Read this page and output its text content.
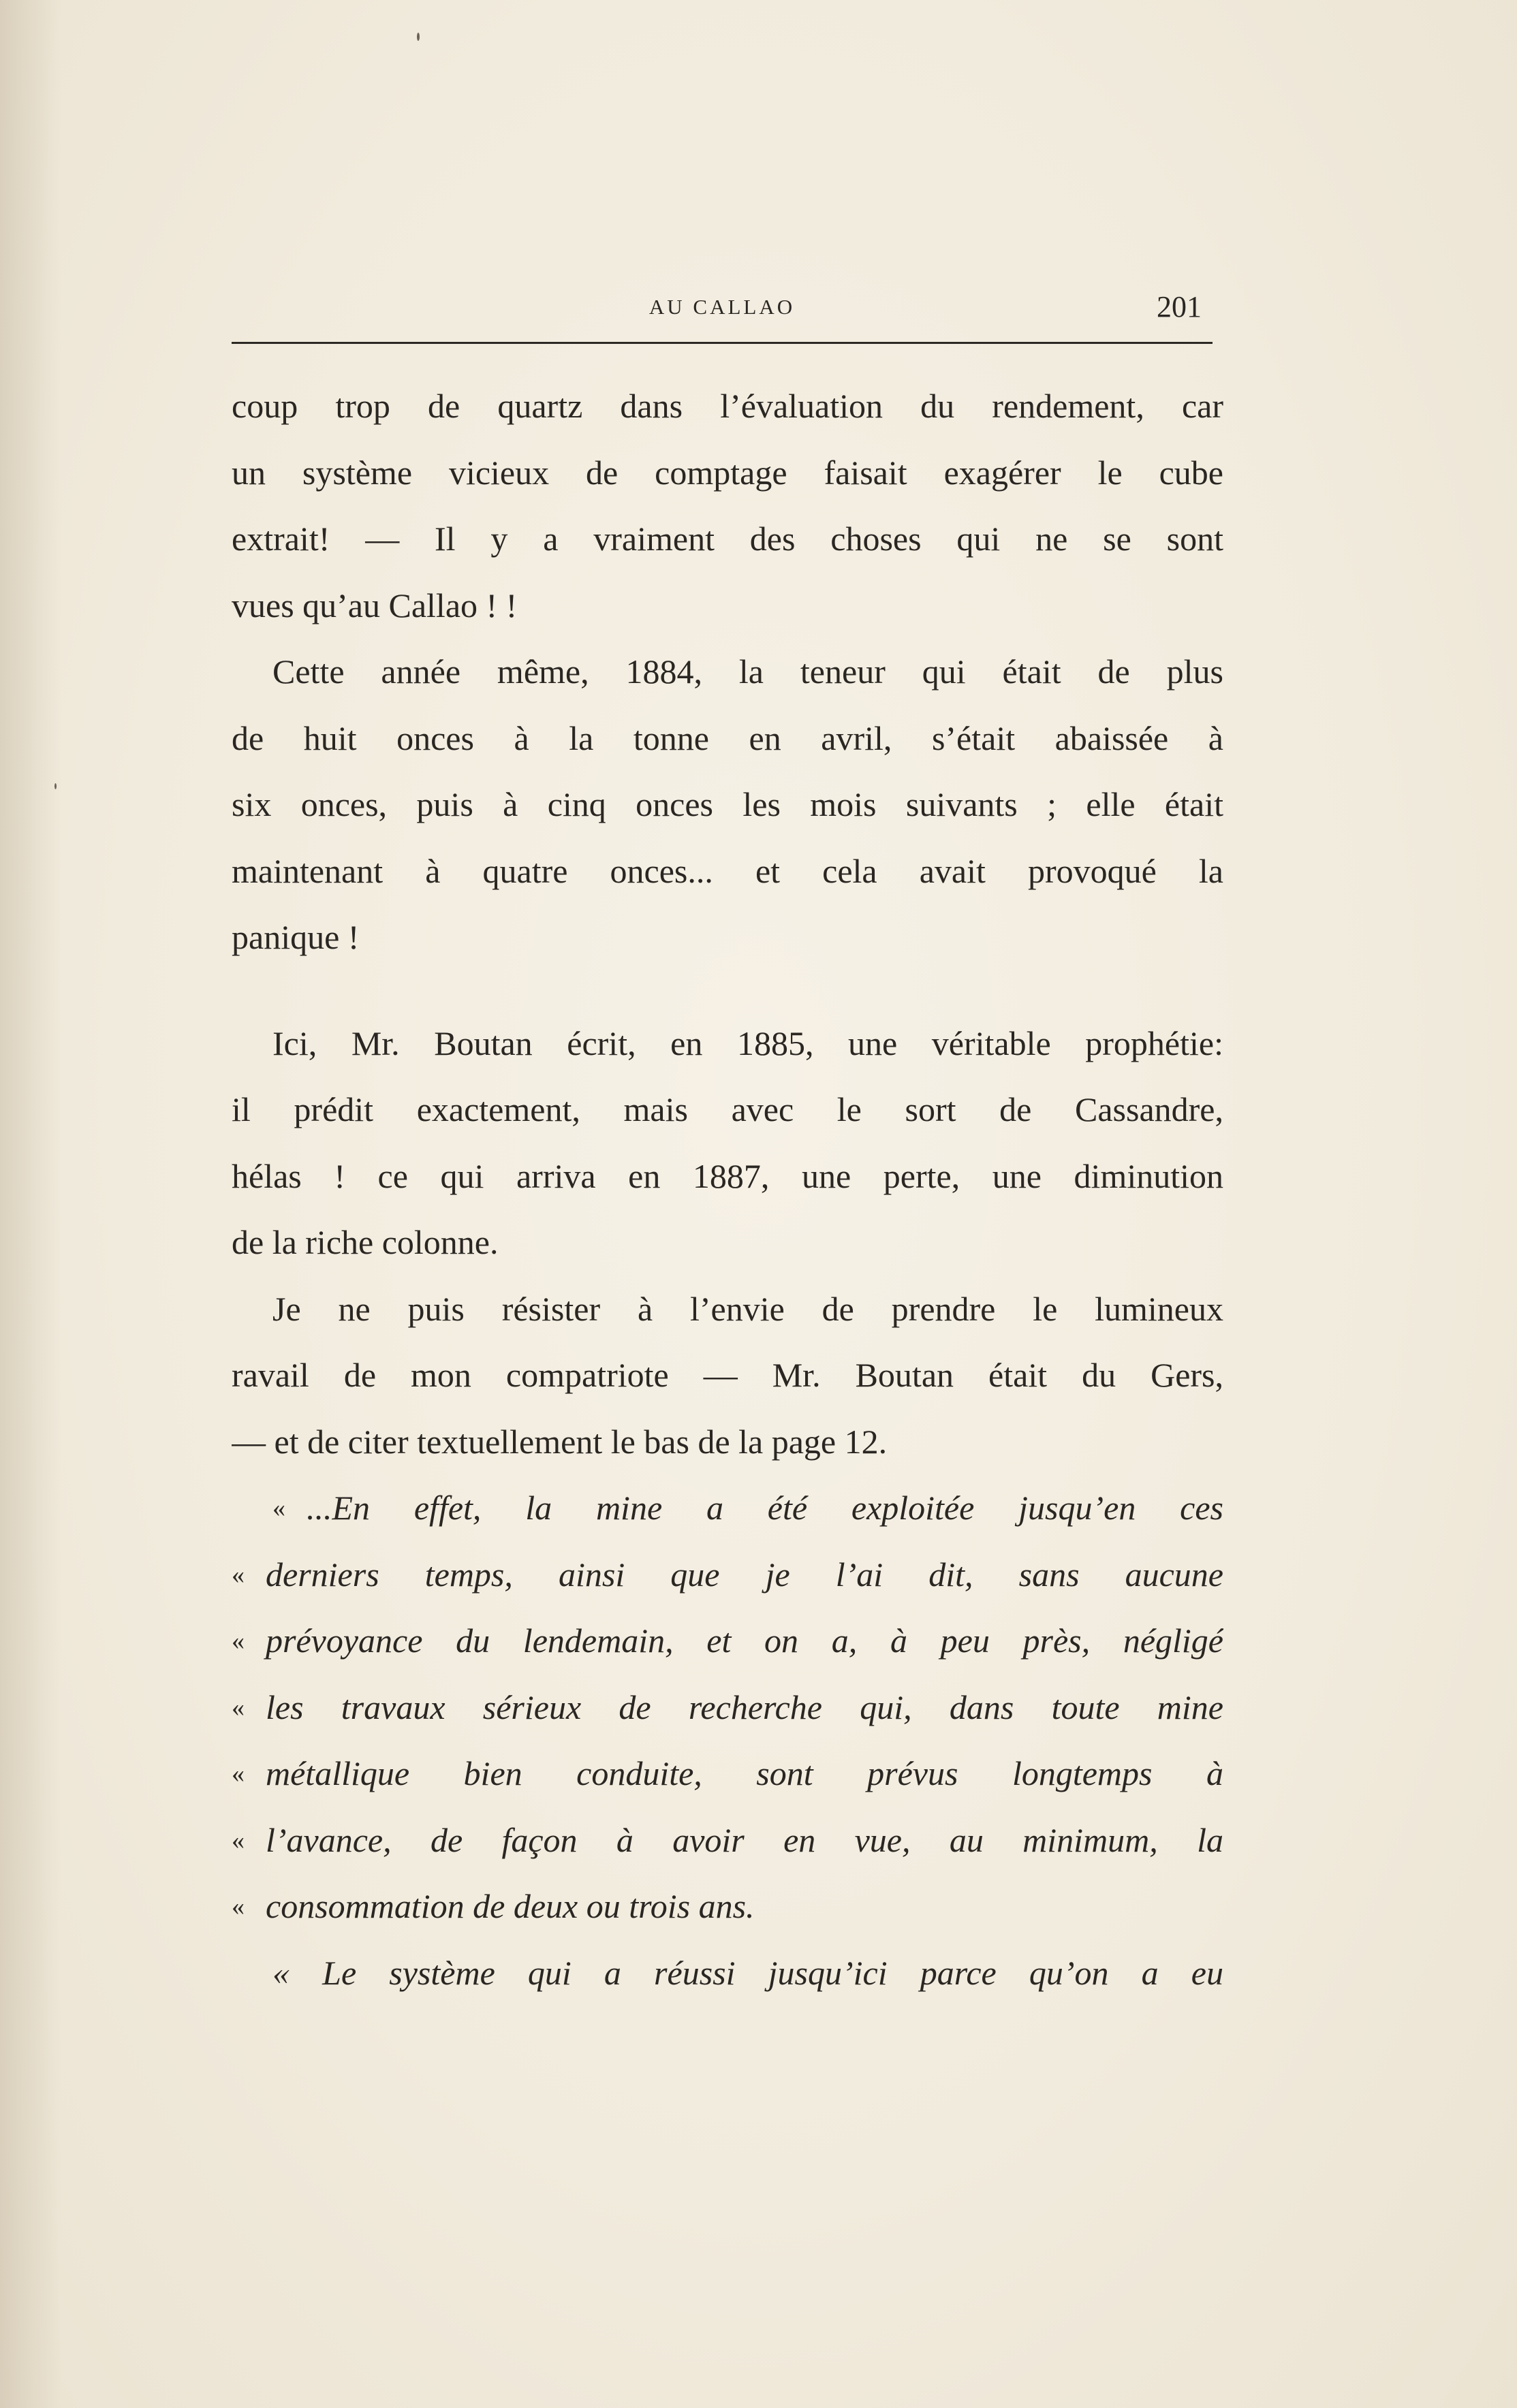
AU CALLAO	201
coup trop de quartz dans l’évaluation du rendement, car
un système vicieux de comptage faisait exagérer le cube
extrait! — Il y a vraiment des choses qui ne se sont
vues qu’au Callao ! !
Cette année même, 1884, la teneur qui était de plus
de huit onces à la tonne en avril, s’était abaissée à
six onces, puis à cinq onces les mois suivants ; elle était
maintenant à quatre onces... et cela avait provoqué la
panique !
Ici, Mr. Boutan écrit, en 1885, une véritable prophétie:
il prédit exactement, mais avec le sort de Cassandre,
hélas ! ce qui arriva en 1887, une perte, une diminution
de la riche colonne.
Je ne puis résister à l’envie de prendre le lumineux
ravail de mon compatriote — Mr. Boutan était du Gers,
— et de citer textuellement le bas de la page 12.
« ...En effet, la mine a été exploitée jusqu’en ces
« derniers temps, ainsi que je l’ai dit, sans aucune
« prévoyance du lendemain, et on a, à peu près, négligé
« les travaux sérieux de recherche qui, dans toute mine
« métallique bien conduite, sont prévus longtemps à
« l’avance, de façon à avoir en vue, au minimum, la
« consommation de deux ou trois ans.
« Le système qui a réussi jusqu’ici parce qu’on a eu
